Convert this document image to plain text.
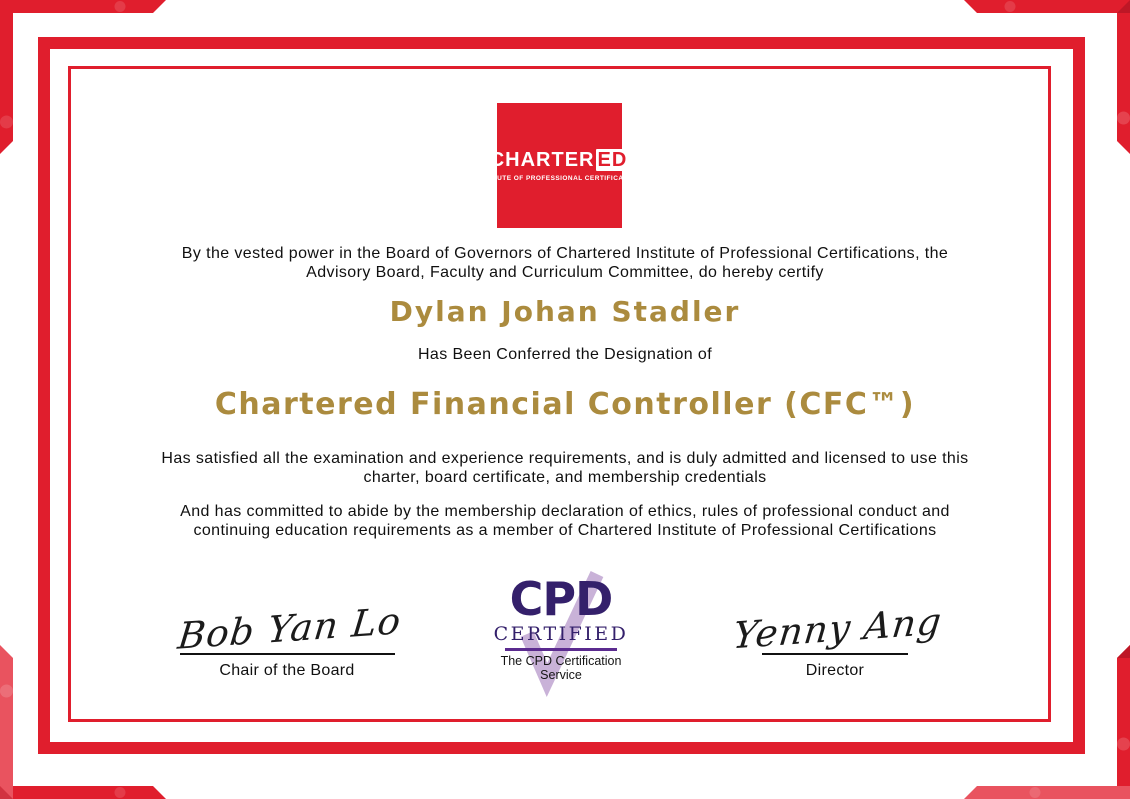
CHARTER ED
INSTITUTE OF PROFESSIONAL CERTIFICATIONS
By the vested power in the Board of Governors of Chartered Institute of Professional Certifications, the Advisory Board, Faculty and Curriculum Committee, do hereby certify
Dylan Johan Stadler
Has Been Conferred the Designation of
Chartered Financial Controller (CFC™)
Has satisfied all the examination and experience requirements, and is duly admitted and licensed to use this charter, board certificate, and membership credentials
And has committed to abide by the membership declaration of ethics, rules of professional conduct and continuing education requirements as a member of Chartered Institute of Professional Certifications
Bob Yan Lo
Chair of the Board
CPD
CERTIFIED
The CPD Certification
Service
Yenny Ang
Director
